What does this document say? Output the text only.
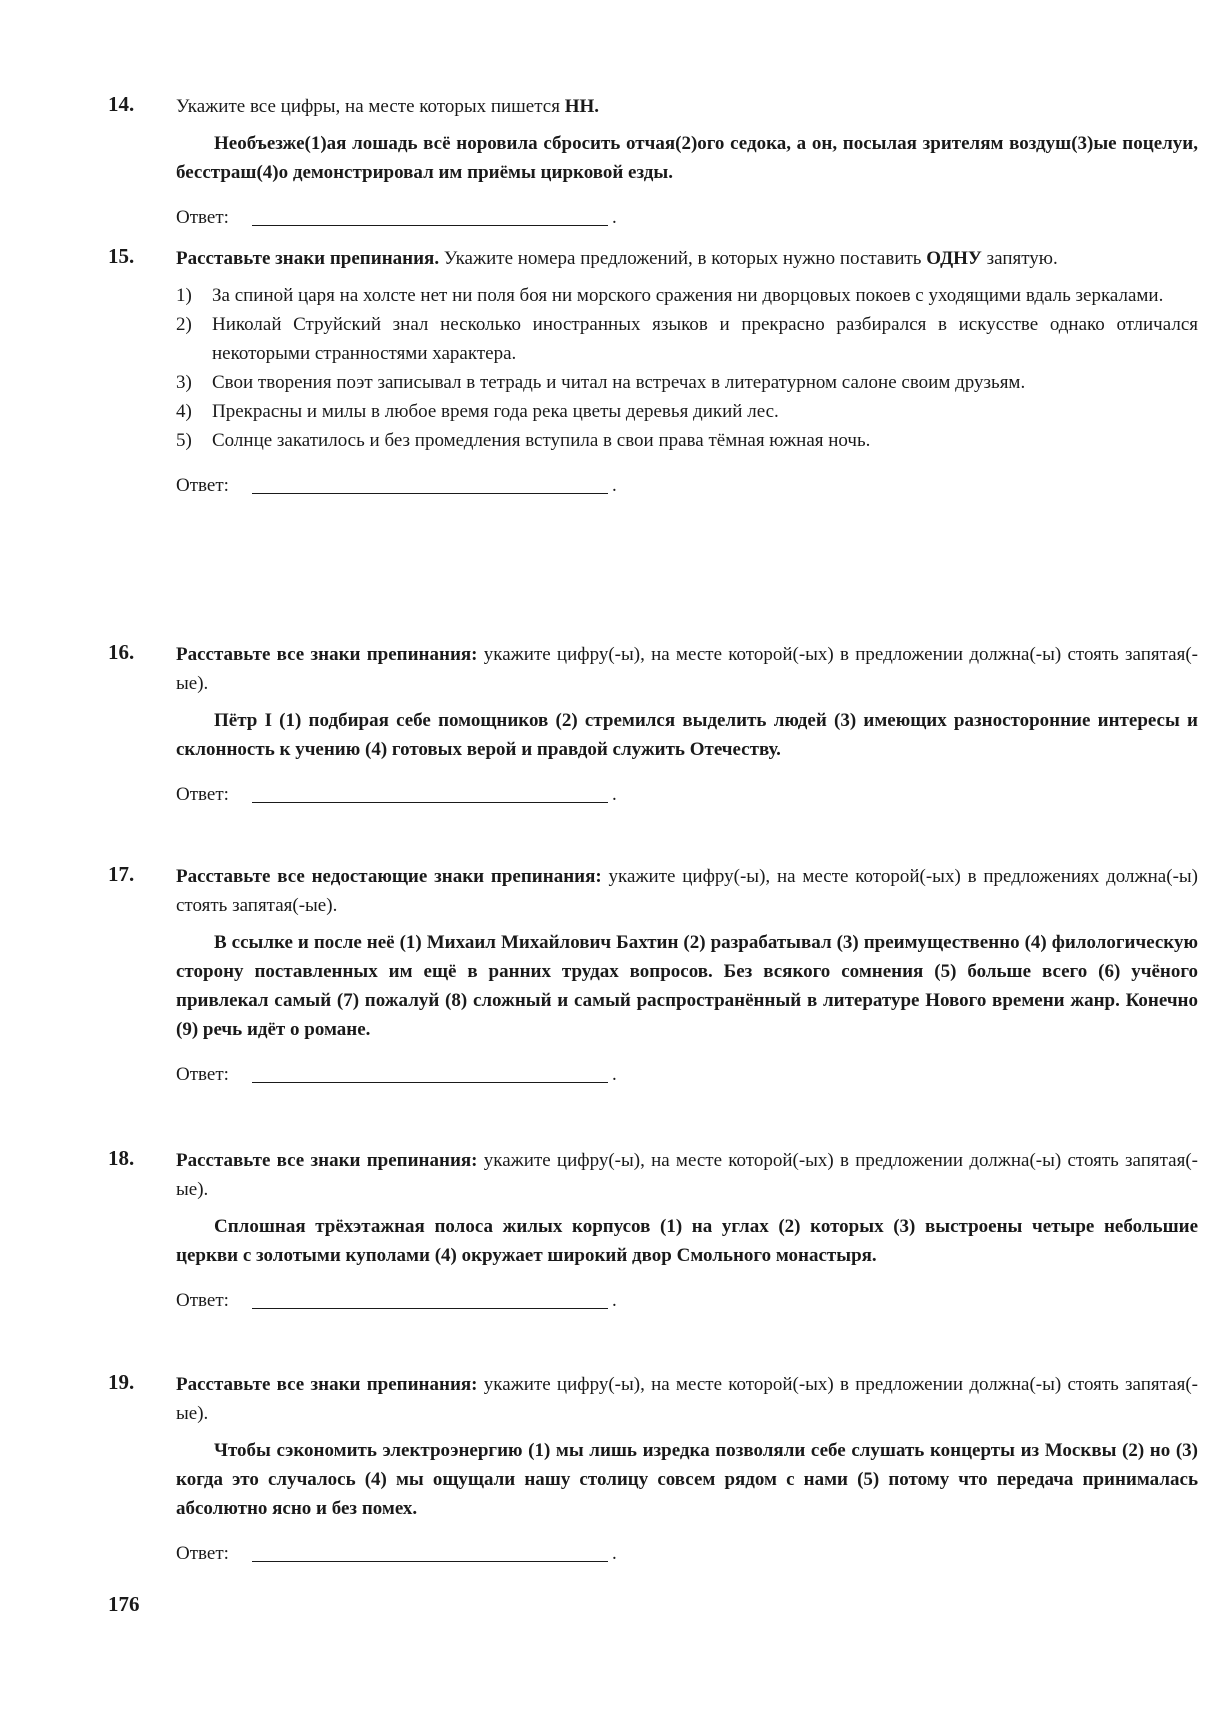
14. Укажите все цифры, на месте которых пишется НН.
Необъезже(1)ая лошадь всё норовила сбросить отчая(2)ого седока, а он, посылая зрителям воздуш(3)ые поцелуи, бесстраш(4)о демонстрировал им приёмы цирковой езды.
Ответ:	.
15. Расставьте знаки препинания. Укажите номера предложений, в которых нужно поставить ОДНУ запятую.
1) За спиной царя на холсте нет ни поля боя ни морского сражения ни дворцовых покоев с уходящими вдаль зеркалами.
2) Николай Струйский знал несколько иностранных языков и прекрасно разбирался в искусстве однако отличался некоторыми странностями характера.
3) Свои творения поэт записывал в тетрадь и читал на встречах в литературном салоне своим друзьям.
4) Прекрасны и милы в любое время года река цветы деревья дикий лес.
5) Солнце закатилось и без промедления вступила в свои права тёмная южная ночь.
Ответ:	.
16. Расставьте все знаки препинания: укажите цифру(-ы), на месте которой(-ых) в предложении должна(-ы) стоять запятая(-ые).
Пётр I (1) подбирая себе помощников (2) стремился выделить людей (3) имеющих разносторонние интересы и склонность к учению (4) готовых верой и правдой служить Отечеству.
Ответ:	.
17. Расставьте все недостающие знаки препинания: укажите цифру(-ы), на месте которой(-ых) в предложениях должна(-ы) стоять запятая(-ые).
В ссылке и после неё (1) Михаил Михайлович Бахтин (2) разрабатывал (3) преимущественно (4) филологическую сторону поставленных им ещё в ранних трудах вопросов. Без всякого сомнения (5) больше всего (6) учёного привлекал самый (7) пожалуй (8) сложный и самый распространённый в литературе Нового времени жанр. Конечно (9) речь идёт о романе.
Ответ:	.
18. Расставьте все знаки препинания: укажите цифру(-ы), на месте которой(-ых) в предложении должна(-ы) стоять запятая(-ые).
Сплошная трёхэтажная полоса жилых корпусов (1) на углах (2) которых (3) выстроены четыре небольшие церкви с золотыми куполами (4) окружает широкий двор Смольного монастыря.
Ответ:	.
19. Расставьте все знаки препинания: укажите цифру(-ы), на месте которой(-ых) в предложении должна(-ы) стоять запятая(-ые).
Чтобы сэкономить электроэнергию (1) мы лишь изредка позволяли себе слушать концерты из Москвы (2) но (3) когда это случалось (4) мы ощущали нашу столицу совсем рядом с нами (5) потому что передача принималась абсолютно ясно и без помех.
Ответ:	.
176
